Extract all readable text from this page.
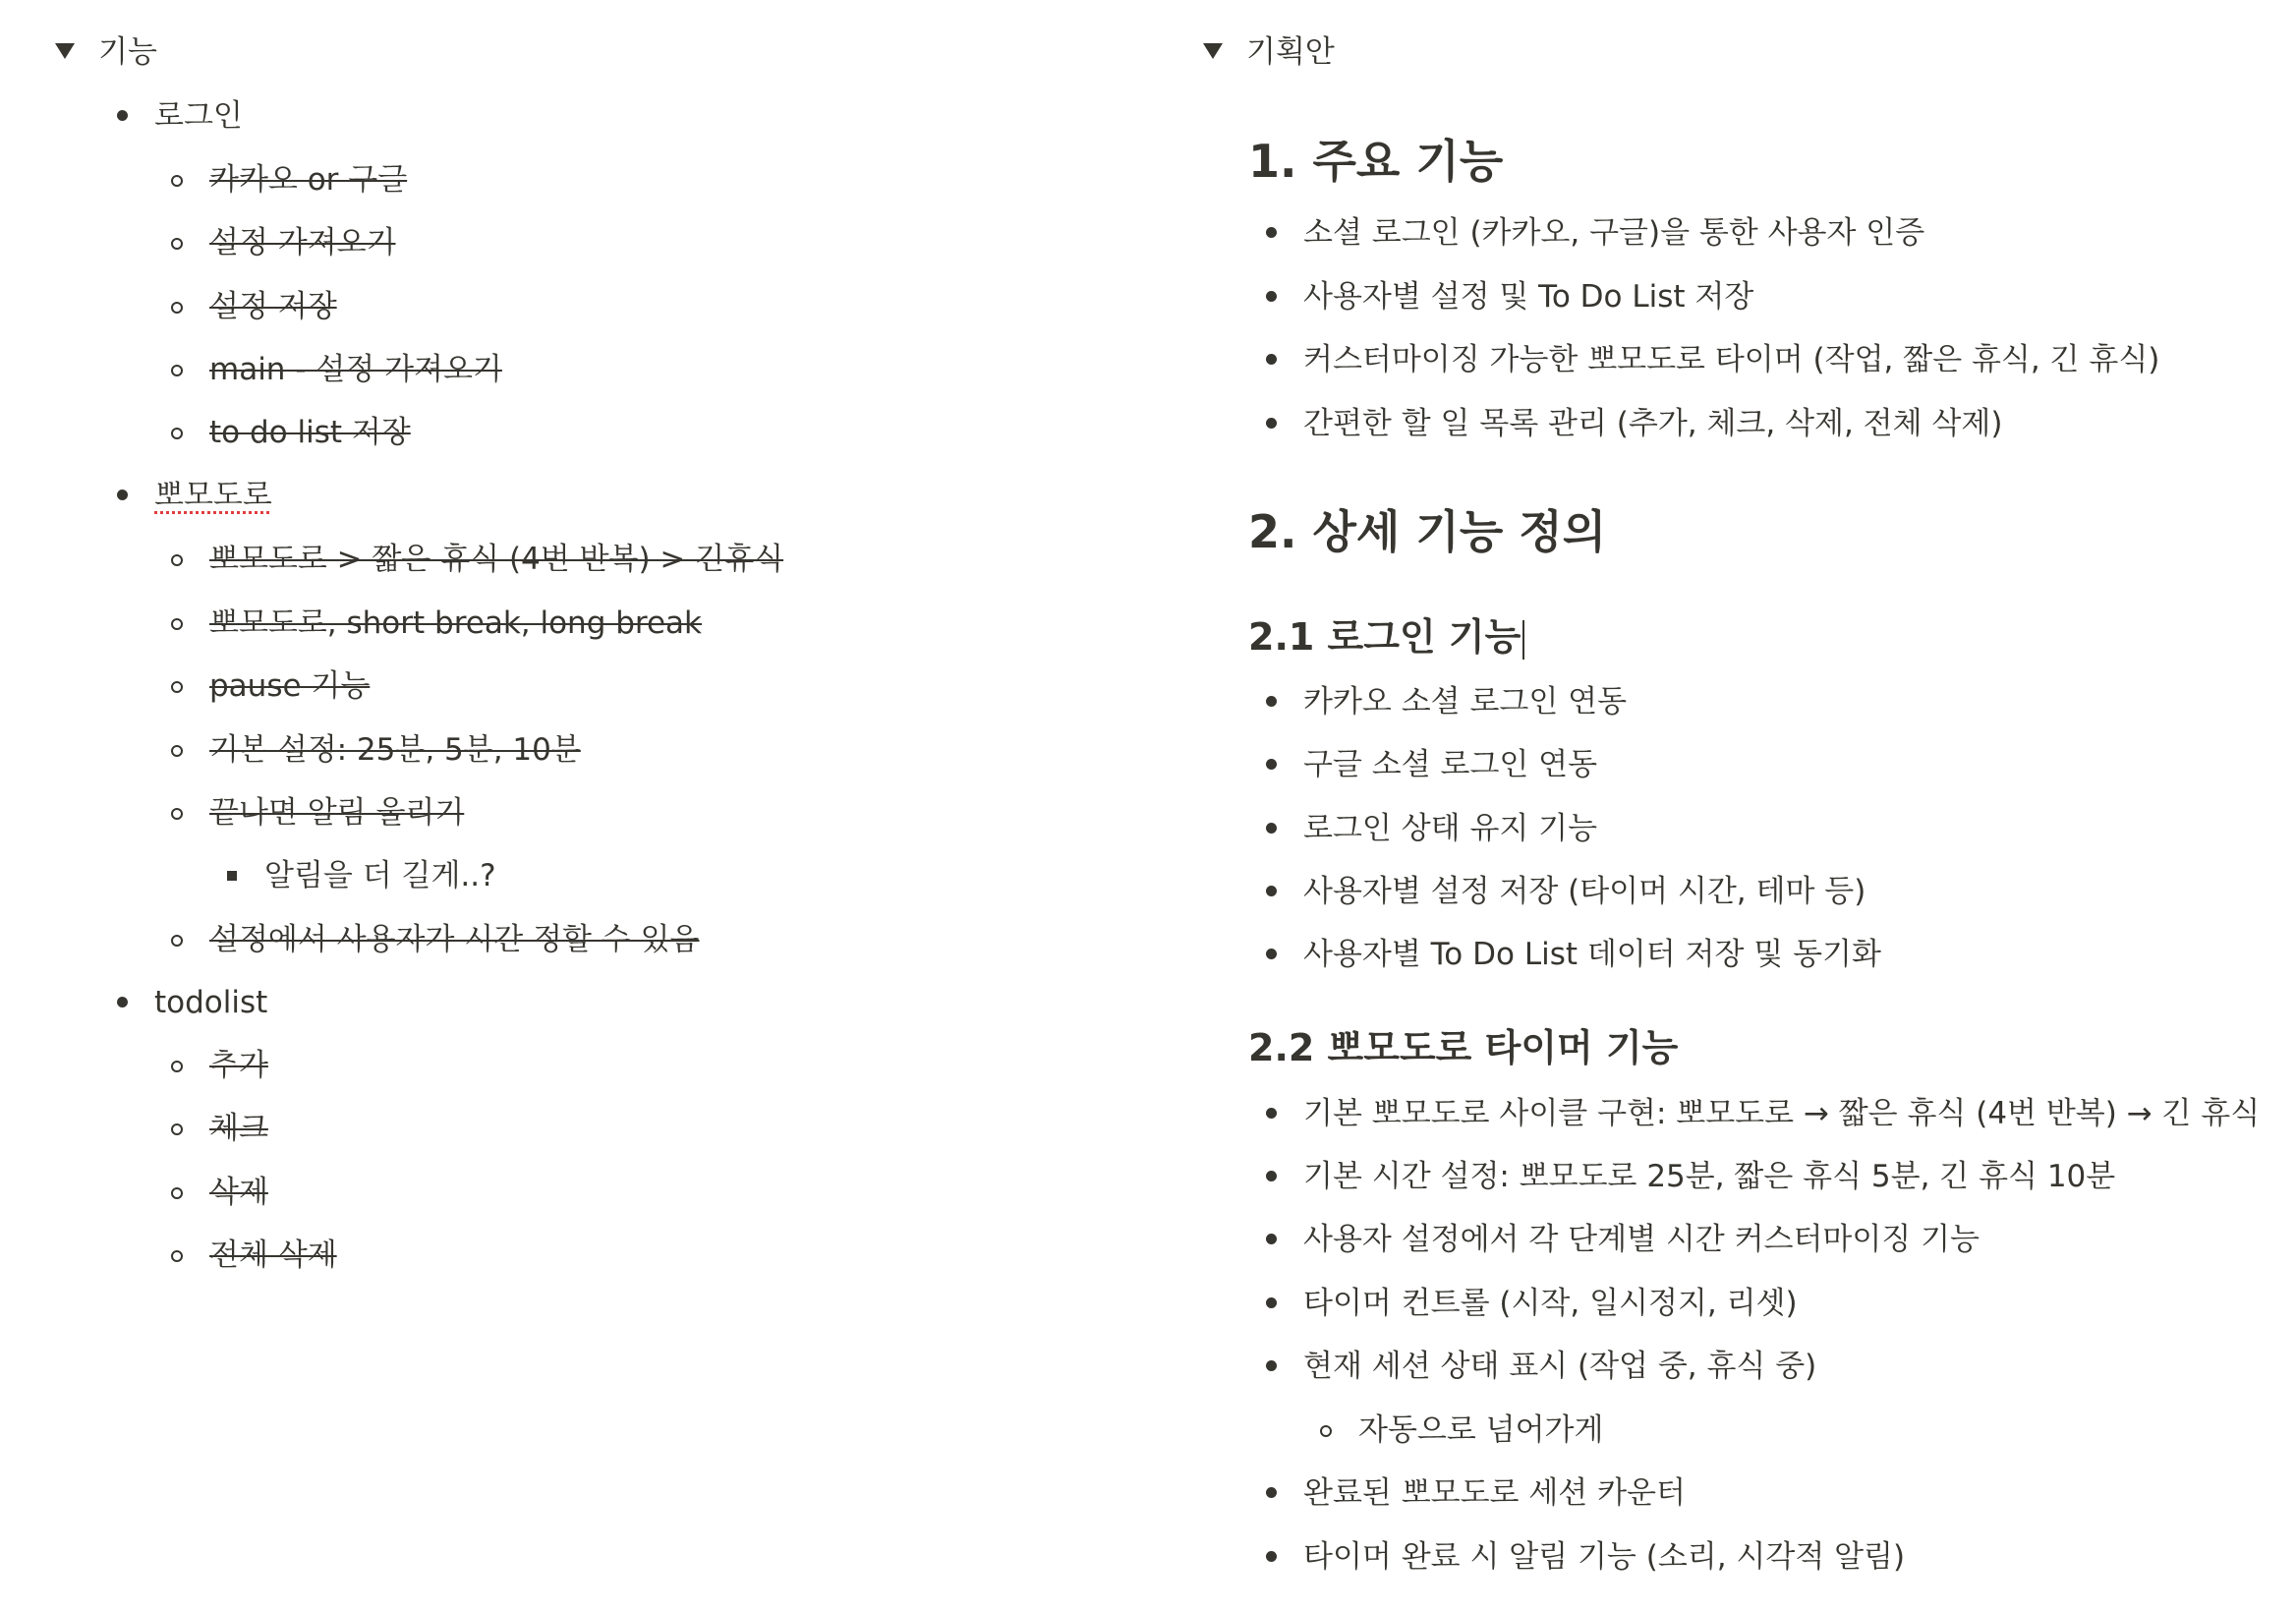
기능
로그인
카카오 or 구글
설정 가져오기
설정 저장
main - 설정 가져오기
to do list 저장
뽀모도로
뽀모도로 > 짧은 휴식 (4번 반복) > 긴휴식
뽀모도로, short break, long break
pause 기능
기본 설정: 25분, 5분, 10분
끝나면 알림 울리기
알림을 더 길게..?
설정에서 사용자가 시간 정할 수 있음
todolist
추가
체크
삭제
전체 삭제
기획안
1. 주요 기능
소셜 로그인 (카카오, 구글)을 통한 사용자 인증
사용자별 설정 및 To Do List 저장
커스터마이징 가능한 뽀모도로 타이머 (작업, 짧은 휴식, 긴 휴식)
간편한 할 일 목록 관리 (추가, 체크, 삭제, 전체 삭제)
2. 상세 기능 정의
2.1 로그인 기능
카카오 소셜 로그인 연동
구글 소셜 로그인 연동
로그인 상태 유지 기능
사용자별 설정 저장 (타이머 시간, 테마 등)
사용자별 To Do List 데이터 저장 및 동기화
2.2 뽀모도로 타이머 기능
기본 뽀모도로 사이클 구현: 뽀모도로 → 짧은 휴식 (4번 반복) → 긴 휴식
기본 시간 설정: 뽀모도로 25분, 짧은 휴식 5분, 긴 휴식 10분
사용자 설정에서 각 단계별 시간 커스터마이징 기능
타이머 컨트롤 (시작, 일시정지, 리셋)
현재 세션 상태 표시 (작업 중, 휴식 중)
자동으로 넘어가게
완료된 뽀모도로 세션 카운터
타이머 완료 시 알림 기능 (소리, 시각적 알림)
